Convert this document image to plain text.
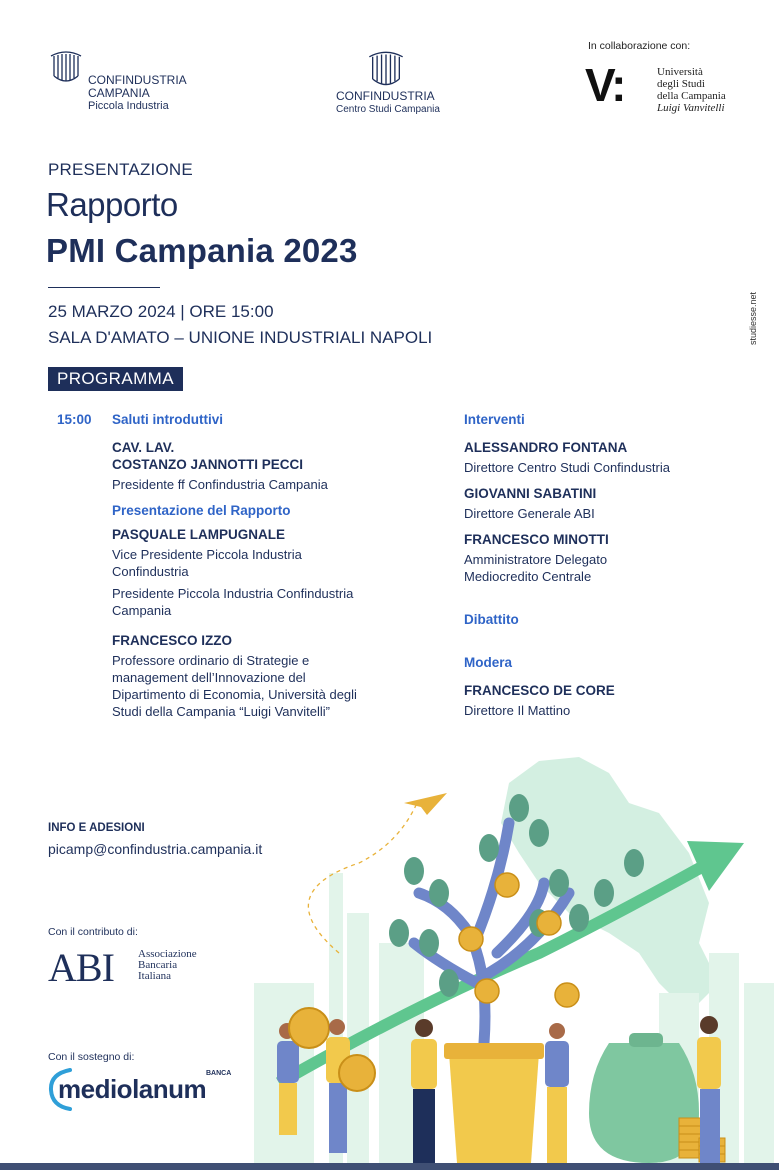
CONFINDUSTRIA
CAMPANIA
Piccola Industria
CONFINDUSTRIA
Centro Studi Campania
In collaborazione con:
V:	Università
degli Studi
della Campania
Luigi Vanvitelli
PRESENTAZIONE
Rapporto
PMI Campania 2023
25 MARZO 2024 | ORE 15:00
SALA D'AMATO – UNIONE INDUSTRIALI NAPOLI	studiesse.net
PROGRAMMA
15:00 Saluti introduttivi
CAV. LAV.
COSTANZO JANNOTTI PECCI
Presidente ff Confindustria Campania
Presentazione del Rapporto
PASQUALE LAMPUGNALE
Vice Presidente Piccola Industria
Confindustria
Presidente Piccola Industria Confindustria
Campania
FRANCESCO IZZO
Professore ordinario di Strategie e
management dell’Innovazione del
Dipartimento di Economia, Università degli
Studi della Campania “Luigi Vanvitelli”
Interventi
ALESSANDRO FONTANA
Direttore Centro Studi Confindustria
GIOVANNI SABATINI
Direttore Generale ABI
FRANCESCO MINOTTI
Amministratore Delegato
Mediocredito Centrale
Dibattito
Modera
FRANCESCO DE CORE
Direttore Il Mattino
INFO E ADESIONI
picamp@confindustria.campania.it
Con il contributo di:
ABI Associazione
Bancaria
Italiana
Con il sostegno di:
mediolanum
BANCA
